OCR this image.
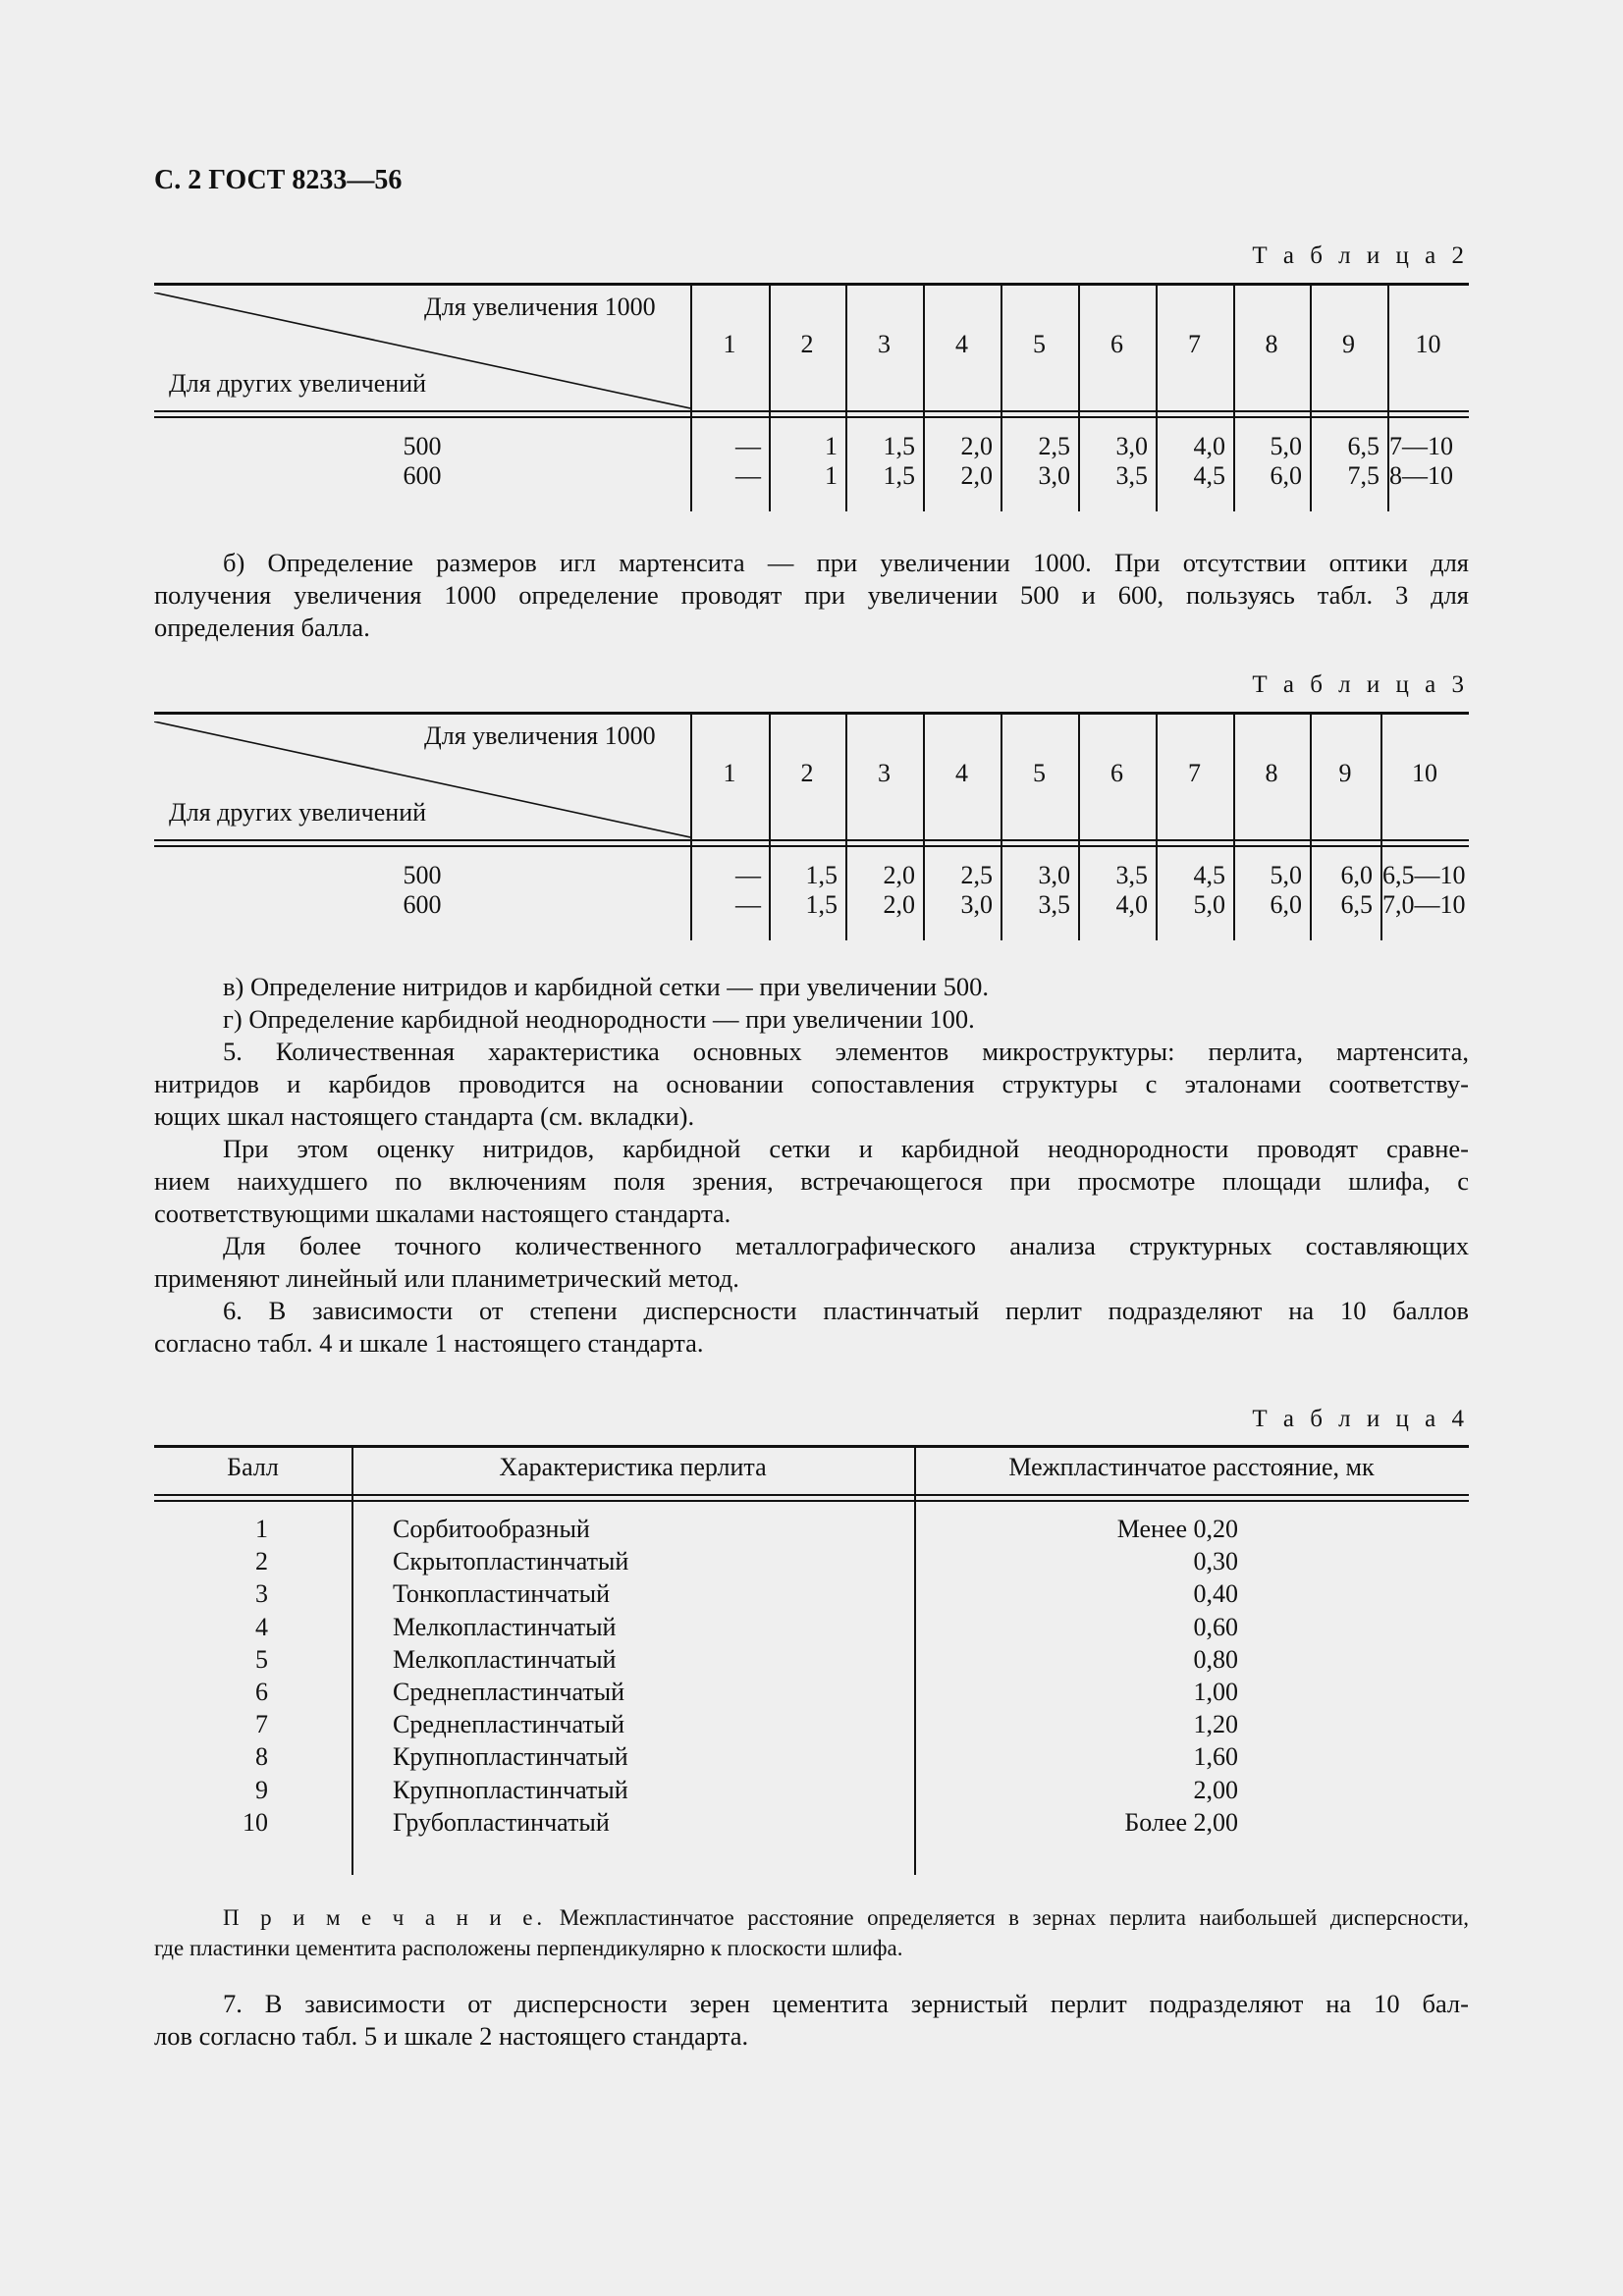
С. 2 ГОСТ 8233—56
Т а б л и ц а 2
Для увеличения 1000
Для других увеличений
1	2	3	4	5	6	7	8	9	10
500	—	1	1,5	2,0	2,5	3,0	4,0	5,0	6,5 7—10
600	—	1	1,5	2,0	3,0	3,5	4,5	6,0	7,5 8—10
б) Определение размеров игл мартенсита — при увеличении 1000. При отсутствии оптики для
получения увеличения 1000 определение проводят при увеличении 500 и 600, пользуясь табл. 3 для
определения балла.
Т а б л и ц а 3
Для увеличения 1000
Для других увеличений
1	2	3	4	5	6	7	8	9	10
500	—	1,5	2,0	2,5	3,0	3,5	4,5	5,0	6,0 6,5—10
600	—	1,5	2,0	3,0	3,5	4,0	5,0	6,0	6,5 7,0—10
в) Определение нитридов и карбидной сетки — при увеличении 500.
г) Определение карбидной неоднородности — при увеличении 100.
5. Количественная характеристика основных элементов микроструктуры: перлита, мартенсита,
нитридов и карбидов проводится на основании сопоставления структуры с эталонами соответству-
ющих шкал настоящего стандарта (см. вкладки).
При этом оценку нитридов, карбидной сетки и карбидной неоднородности проводят сравне-
нием наихудшего по включениям поля зрения, встречающегося при просмотре площади шлифа, с
соответствующими шкалами настоящего стандарта.
Для более точного количественного металлографического анализа структурных составляющих
применяют линейный или планиметрический метод.
6. В зависимости от степени дисперсности пластинчатый перлит подразделяют на 10 баллов
согласно табл. 4 и шкале 1 настоящего стандарта.
Т а б л и ц а 4
Балл	Характеристика перлита	Межпластинчатое расстояние, мк
1	Сорбитообразный	Менее 0,20
2	Скрытопластинчатый	0,30
3	Тонкопластинчатый	0,40
4	Мелкопластинчатый	0,60
5	Мелкопластинчатый	0,80
6	Среднепластинчатый	1,00
7	Среднепластинчатый	1,20
8	Крупнопластинчатый	1,60
9	Крупнопластинчатый	2,00
10	Грубопластинчатый	Более 2,00
П р и м е ч а н и е. Межпластинчатое расстояние определяется в зернах перлита наибольшей дисперсности,
где пластинки цементита расположены перпендикулярно к плоскости шлифа.
7. В зависимости от дисперсности зерен цементита зернистый перлит подразделяют на 10 бал-
лов согласно табл. 5 и шкале 2 настоящего стандарта.
